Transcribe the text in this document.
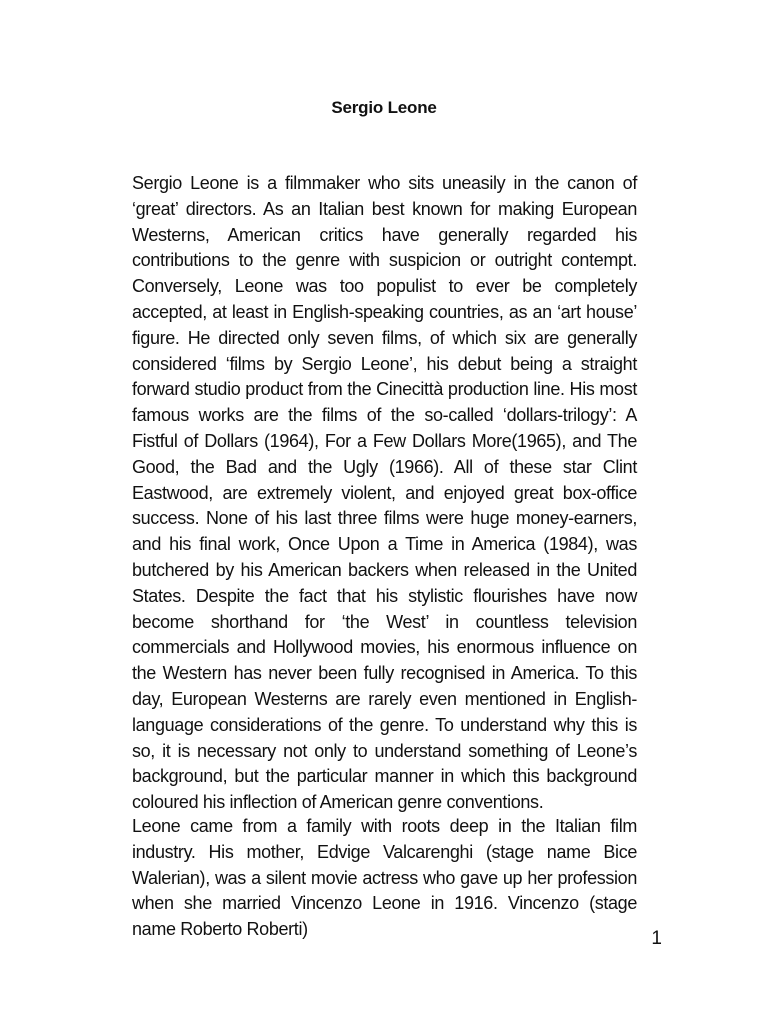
Sergio Leone

Sergio Leone is a filmmaker who sits uneasily in the canon of ‘great’ directors. As an Italian best known for making European Westerns, American critics have generally regarded his contributions to the genre with suspicion or outright contempt. Conversely, Leone was too populist to ever be completely accepted, at least in English-speaking countries, as an ‘art house’ figure. He directed only seven films, of which six are generally considered ‘films by Sergio Leone’, his debut being a straight forward studio product from the Cinecittà production line. His most famous works are the films of the so-called ‘dollars-trilogy’: A Fistful of Dollars (1964), For a Few Dollars More(1965), and The Good, the Bad and the Ugly (1966). All of these star Clint Eastwood, are extremely violent, and enjoyed great box-office success. None of his last three films were huge money-earners, and his final work, Once Upon a Time in America (1984), was butchered by his American backers when released in the United States. Despite the fact that his stylistic flourishes have now become shorthand for ‘the West’ in countless television commercials and Hollywood movies, his enormous influence on the Western has never been fully recognised in America. To this day, European Westerns are rarely even mentioned in English-language considerations of the genre. To understand why this is so, it is necessary not only to understand something of Leone’s background, but the particular manner in which this background coloured his inflection of American genre conventions.

Leone came from a family with roots deep in the Italian film industry. His mother, Edvige Valcarenghi (stage name Bice Walerian), was a silent movie actress who gave up her profession when she married Vincenzo Leone in 1916. Vincenzo (stage name Roberto Roberti)	1
